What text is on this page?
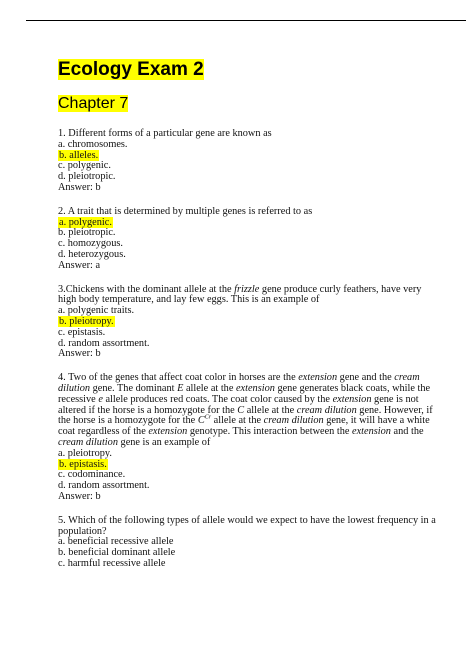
Ecology Exam 2
Chapter 7
1. Different forms of a particular gene are known as
a. chromosomes.
b. alleles.
c. polygenic.
d. pleiotropic.
Answer: b
2. A trait that is determined by multiple genes is referred to as
a. polygenic.
b. pleiotropic.
c. homozygous.
d. heterozygous.
Answer: a
3.Chickens with the dominant allele at the frizzle gene produce curly feathers, have very high body temperature, and lay few eggs. This is an example of
a. polygenic traits.
b. pleiotropy.
c. epistasis.
d. random assortment.
Answer: b
4. Two of the genes that affect coat color in horses are the extension gene and the cream dilution gene. The dominant E allele at the extension gene generates black coats, while the recessive e allele produces red coats. The coat color caused by the extension gene is not altered if the horse is a homozygote for the C allele at the cream dilution gene. However, if the horse is a homozygote for the $C^{Cr}$ allele at the cream dilution gene, it will have a white coat regardless of the extension genotype. This interaction between the extension and the cream dilution gene is an example of
a. pleiotropy.
b. epistasis.
c. codominance.
d. random assortment.
Answer: b
5. Which of the following types of allele would we expect to have the lowest frequency in a population?
a. beneficial recessive allele
b. beneficial dominant allele
c. harmful recessive allele
